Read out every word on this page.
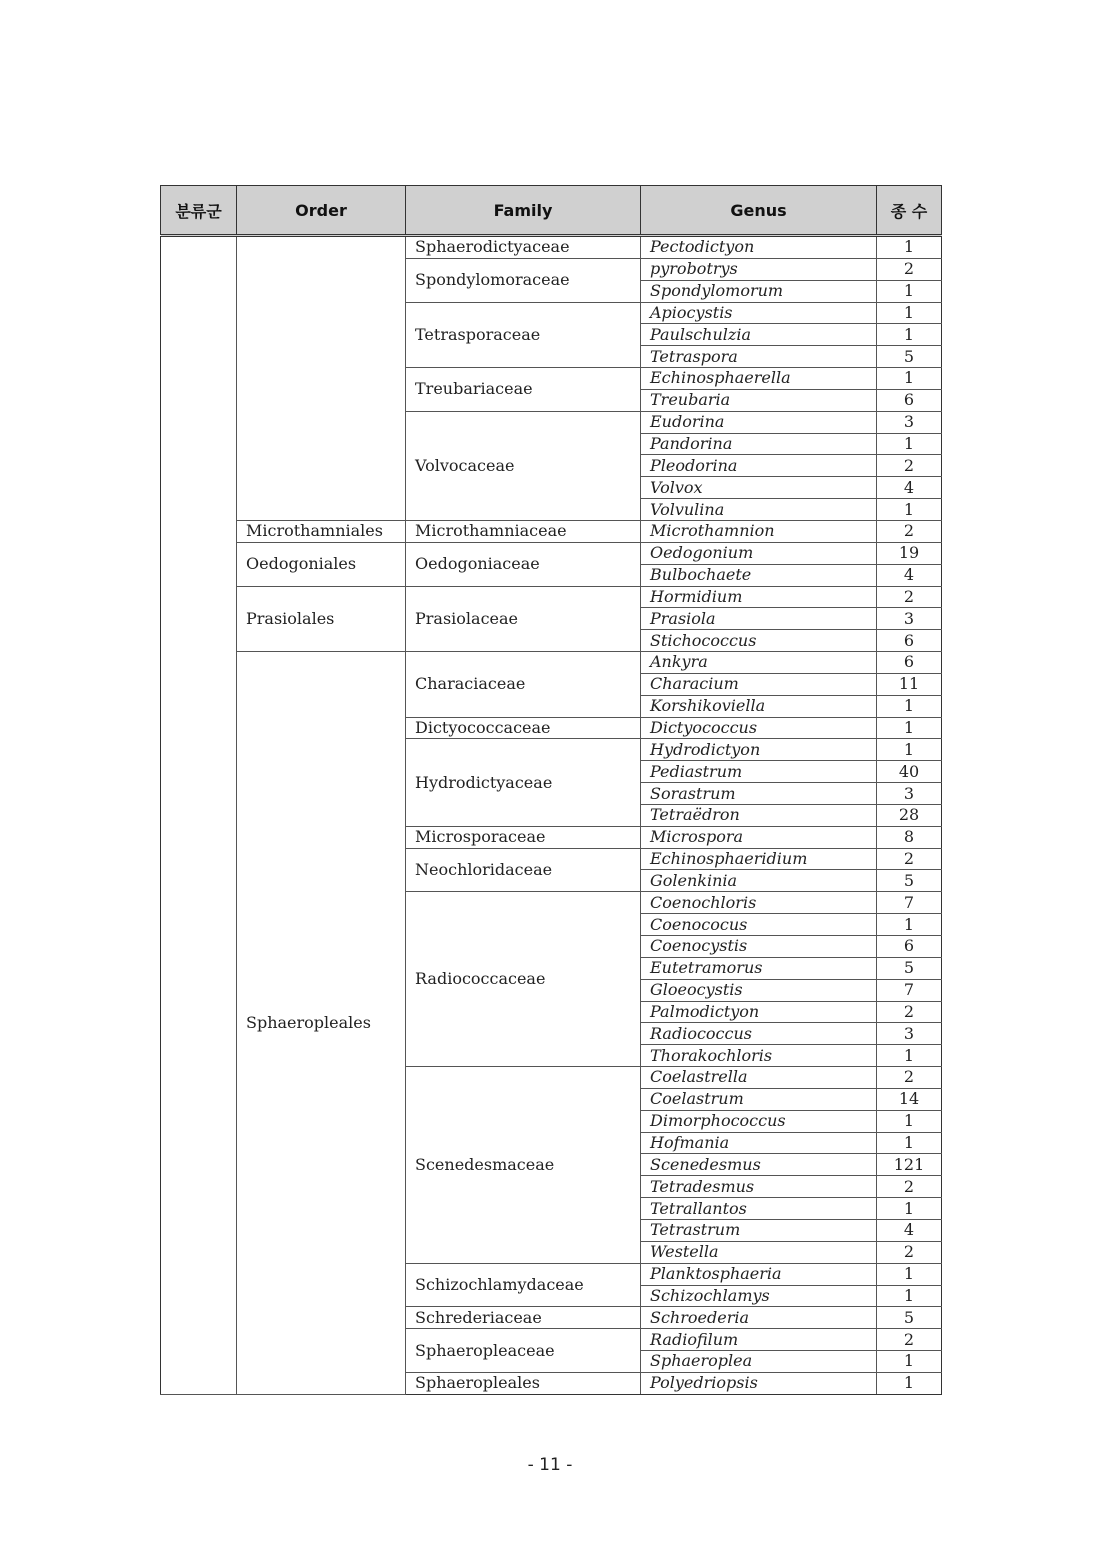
분류군	Order	Family	Genus	종 수
		Sphaerodictyaceae	Pectodictyon	1
		Spondylomoraceae	pyrobotrys	2
			Spondylomorum	1
		Tetrasporaceae	Apiocystis	1
			Paulschulzia	1
			Tetraspora	5
		Treubariaceae	Echinosphaerella	1
			Treubaria	6
		Volvocaceae	Eudorina	3
			Pandorina	1
			Pleodorina	2
			Volvox	4
			Volvulina	1
	Microthamniales	Microthamniaceae	Microthamnion	2
	Oedogoniales	Oedogoniaceae	Oedogonium	19
			Bulbochaete	4
	Prasiolales	Prasiolaceae	Hormidium	2
			Prasiola	3
			Stichococcus	6
	Sphaeropleales	Characiaceae	Ankyra	6
			Characium	11
			Korshikoviella	1
		Dictyococcaceae	Dictyococcus	1
		Hydrodictyaceae	Hydrodictyon	1
			Pediastrum	40
			Sorastrum	3
			Tetraëdron	28
		Microsporaceae	Microspora	8
		Neochloridaceae	Echinosphaeridium	2
			Golenkinia	5
		Radiococcaceae	Coenochloris	7
			Coenococus	1
			Coenocystis	6
			Eutetramorus	5
			Gloeocystis	7
			Palmodictyon	2
			Radiococcus	3
			Thorakochloris	1
		Scenedesmaceae	Coelastrella	2
			Coelastrum	14
			Dimorphococcus	1
			Hofmania	1
			Scenedesmus	121
			Tetradesmus	2
			Tetrallantos	1
			Tetrastrum	4
			Westella	2
		Schizochlamydaceae	Planktosphaeria	1
			Schizochlamys	1
		Schrederiaceae	Schroederia	5
		Sphaeropleaceae	Radiofilum	2
			Sphaeroplea	1
		Sphaeropleales	Polyedriopsis	1
- 11 -
